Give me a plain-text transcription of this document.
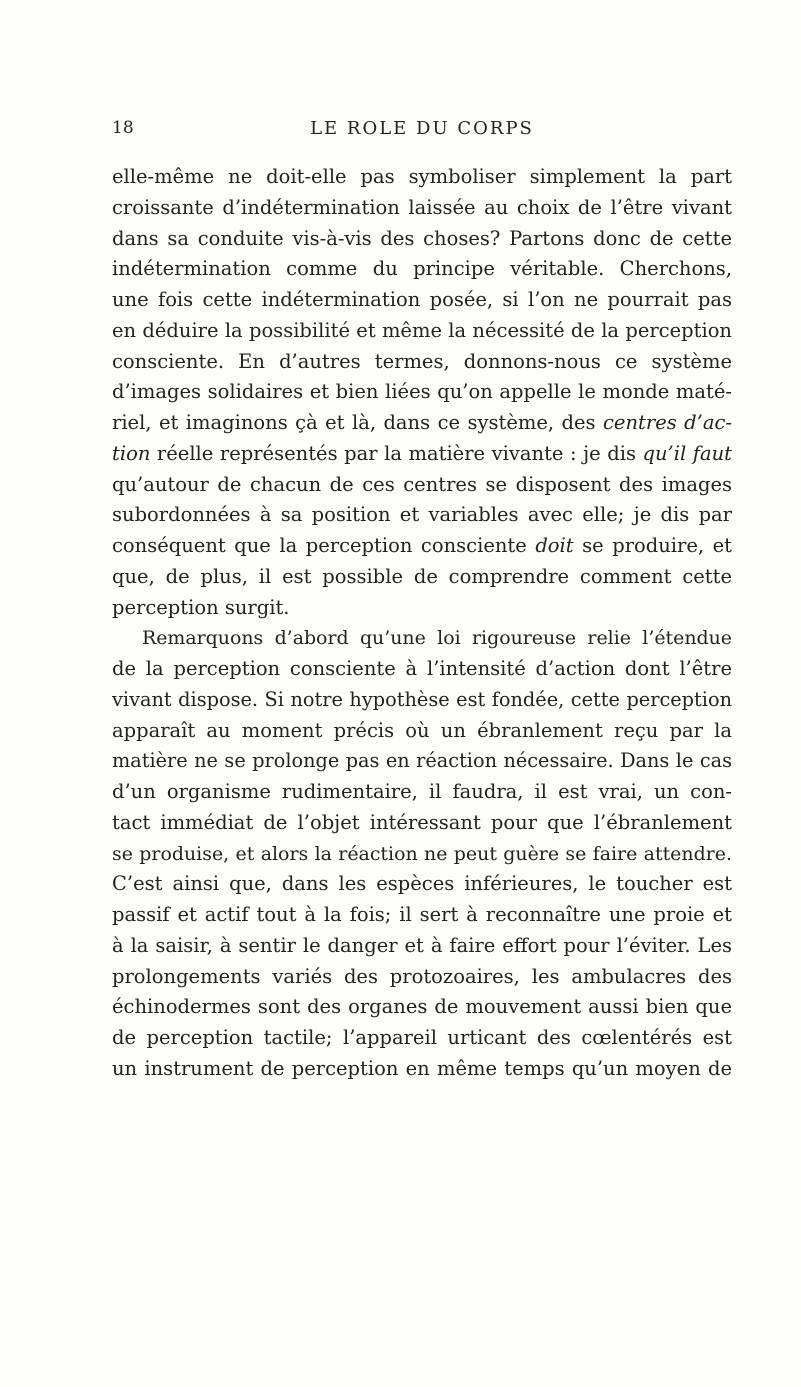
18	LE ROLE DU CORPS
elle-même ne doit-elle pas symboliser simplement la part
croissante d’indétermination laissée au choix de l’être vivant
dans sa conduite vis-à-vis des choses? Partons donc de cette
indétermination comme du principe véritable. Cherchons,
une fois cette indétermination posée, si l’on ne pourrait pas
en déduire la possibilité et même la nécessité de la perception
consciente. En d’autres termes, donnons-nous ce système
d’images solidaires et bien liées qu’on appelle le monde maté-
riel, et imaginons çà et là, dans ce système, des centres d’ac-
tion réelle représentés par la matière vivante : je dis qu’il faut
qu’autour de chacun de ces centres se disposent des images
subordonnées à sa position et variables avec elle; je dis par
conséquent que la perception consciente doit se produire, et
que, de plus, il est possible de comprendre comment cette
perception surgit.
Remarquons d’abord qu’une loi rigoureuse relie l’étendue
de la perception consciente à l’intensité d’action dont l’être
vivant dispose. Si notre hypothèse est fondée, cette perception
apparaît au moment précis où un ébranlement reçu par la
matière ne se prolonge pas en réaction nécessaire. Dans le cas
d’un organisme rudimentaire, il faudra, il est vrai, un con-
tact immédiat de l’objet intéressant pour que l’ébranlement
se produise, et alors la réaction ne peut guère se faire attendre.
C’est ainsi que, dans les espèces inférieures, le toucher est
passif et actif tout à la fois; il sert à reconnaître une proie et
à la saisir, à sentir le danger et à faire effort pour l’éviter. Les
prolongements variés des protozoaires, les ambulacres des
échinodermes sont des organes de mouvement aussi bien que
de perception tactile; l’appareil urticant des cœlentérés est
un instrument de perception en même temps qu’un moyen de
